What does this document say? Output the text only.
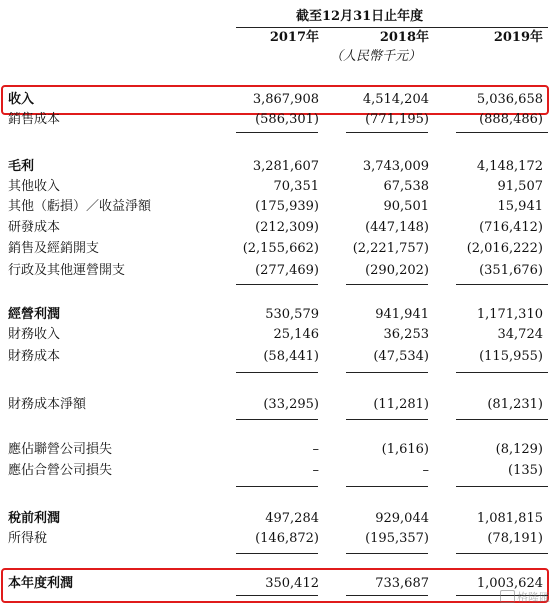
截至12月31日止年度
2017年	2018年	2019年
（人民幣千元）
收入	3,867,908	4,514,204	5,036,658
銷售成本	(586,301)	(771,195)	(888,486)
毛利	3,281,607	3,743,009	4,148,172
其他收入	70,351	67,538	91,507
其他（虧損）／收益淨額	(175,939)	90,501	15,941
研發成本	(212,309)	(447,148)	(716,412)
銷售及經銷開支	(2,155,662)	(2,221,757)	(2,016,222)
行政及其他運營開支	(277,469)	(290,202)	(351,676)
經營利潤	530,579	941,941	1,171,310
財務收入	25,146	36,253	34,724
財務成本	(58,441)	(47,534)	(115,955)
財務成本淨額	(33,295)	(11,281)	(81,231)
應佔聯營公司損失	–	(1,616)	(8,129)
應佔合營公司損失	–	–	(135)
稅前利潤	497,284	929,044	1,081,815
所得稅	(146,872)	(195,357)	(78,191)
本年度利潤	350,412	733,687	1,003,624
格隆匯
